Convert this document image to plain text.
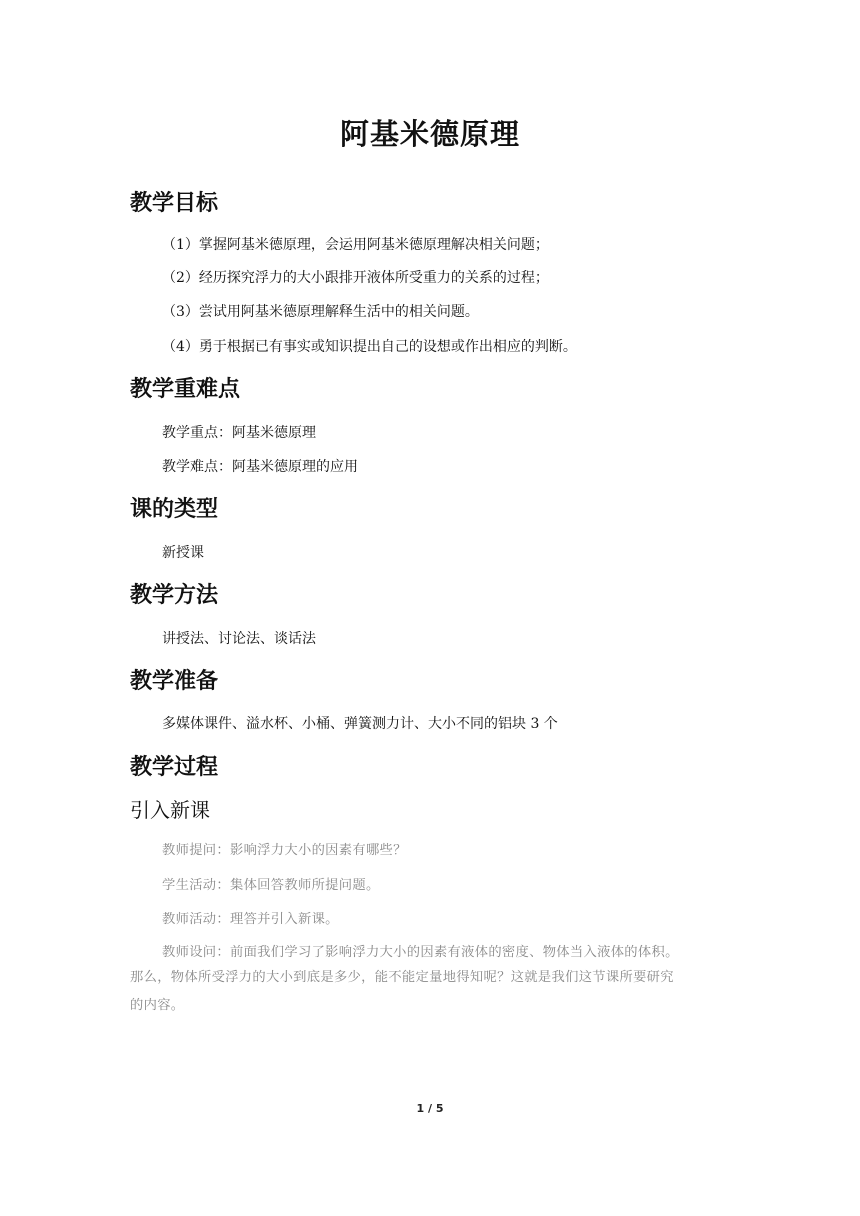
阿基米德原理
教学目标
（1）掌握阿基米德原理，会运用阿基米德原理解决相关问题；
（2）经历探究浮力的大小跟排开液体所受重力的关系的过程；
（3）尝试用阿基米德原理解释生活中的相关问题。
（4）勇于根据已有事实或知识提出自己的设想或作出相应的判断。
教学重难点
教学重点：阿基米德原理
教学难点：阿基米德原理的应用
课的类型
新授课
教学方法
讲授法、讨论法、谈话法
教学准备
多媒体课件、溢水杯、小桶、弹簧测力计、大小不同的铝块 3 个
教学过程
引入新课
教师提问：影响浮力大小的因素有哪些？
学生活动：集体回答教师所提问题。
教师活动：理答并引入新课。
教师设问：前面我们学习了影响浮力大小的因素有液体的密度、物体当入液体的体积。
那么，物体所受浮力的大小到底是多少，能不能定量地得知呢？这就是我们这节课所要研究
的内容。
1 / 5
